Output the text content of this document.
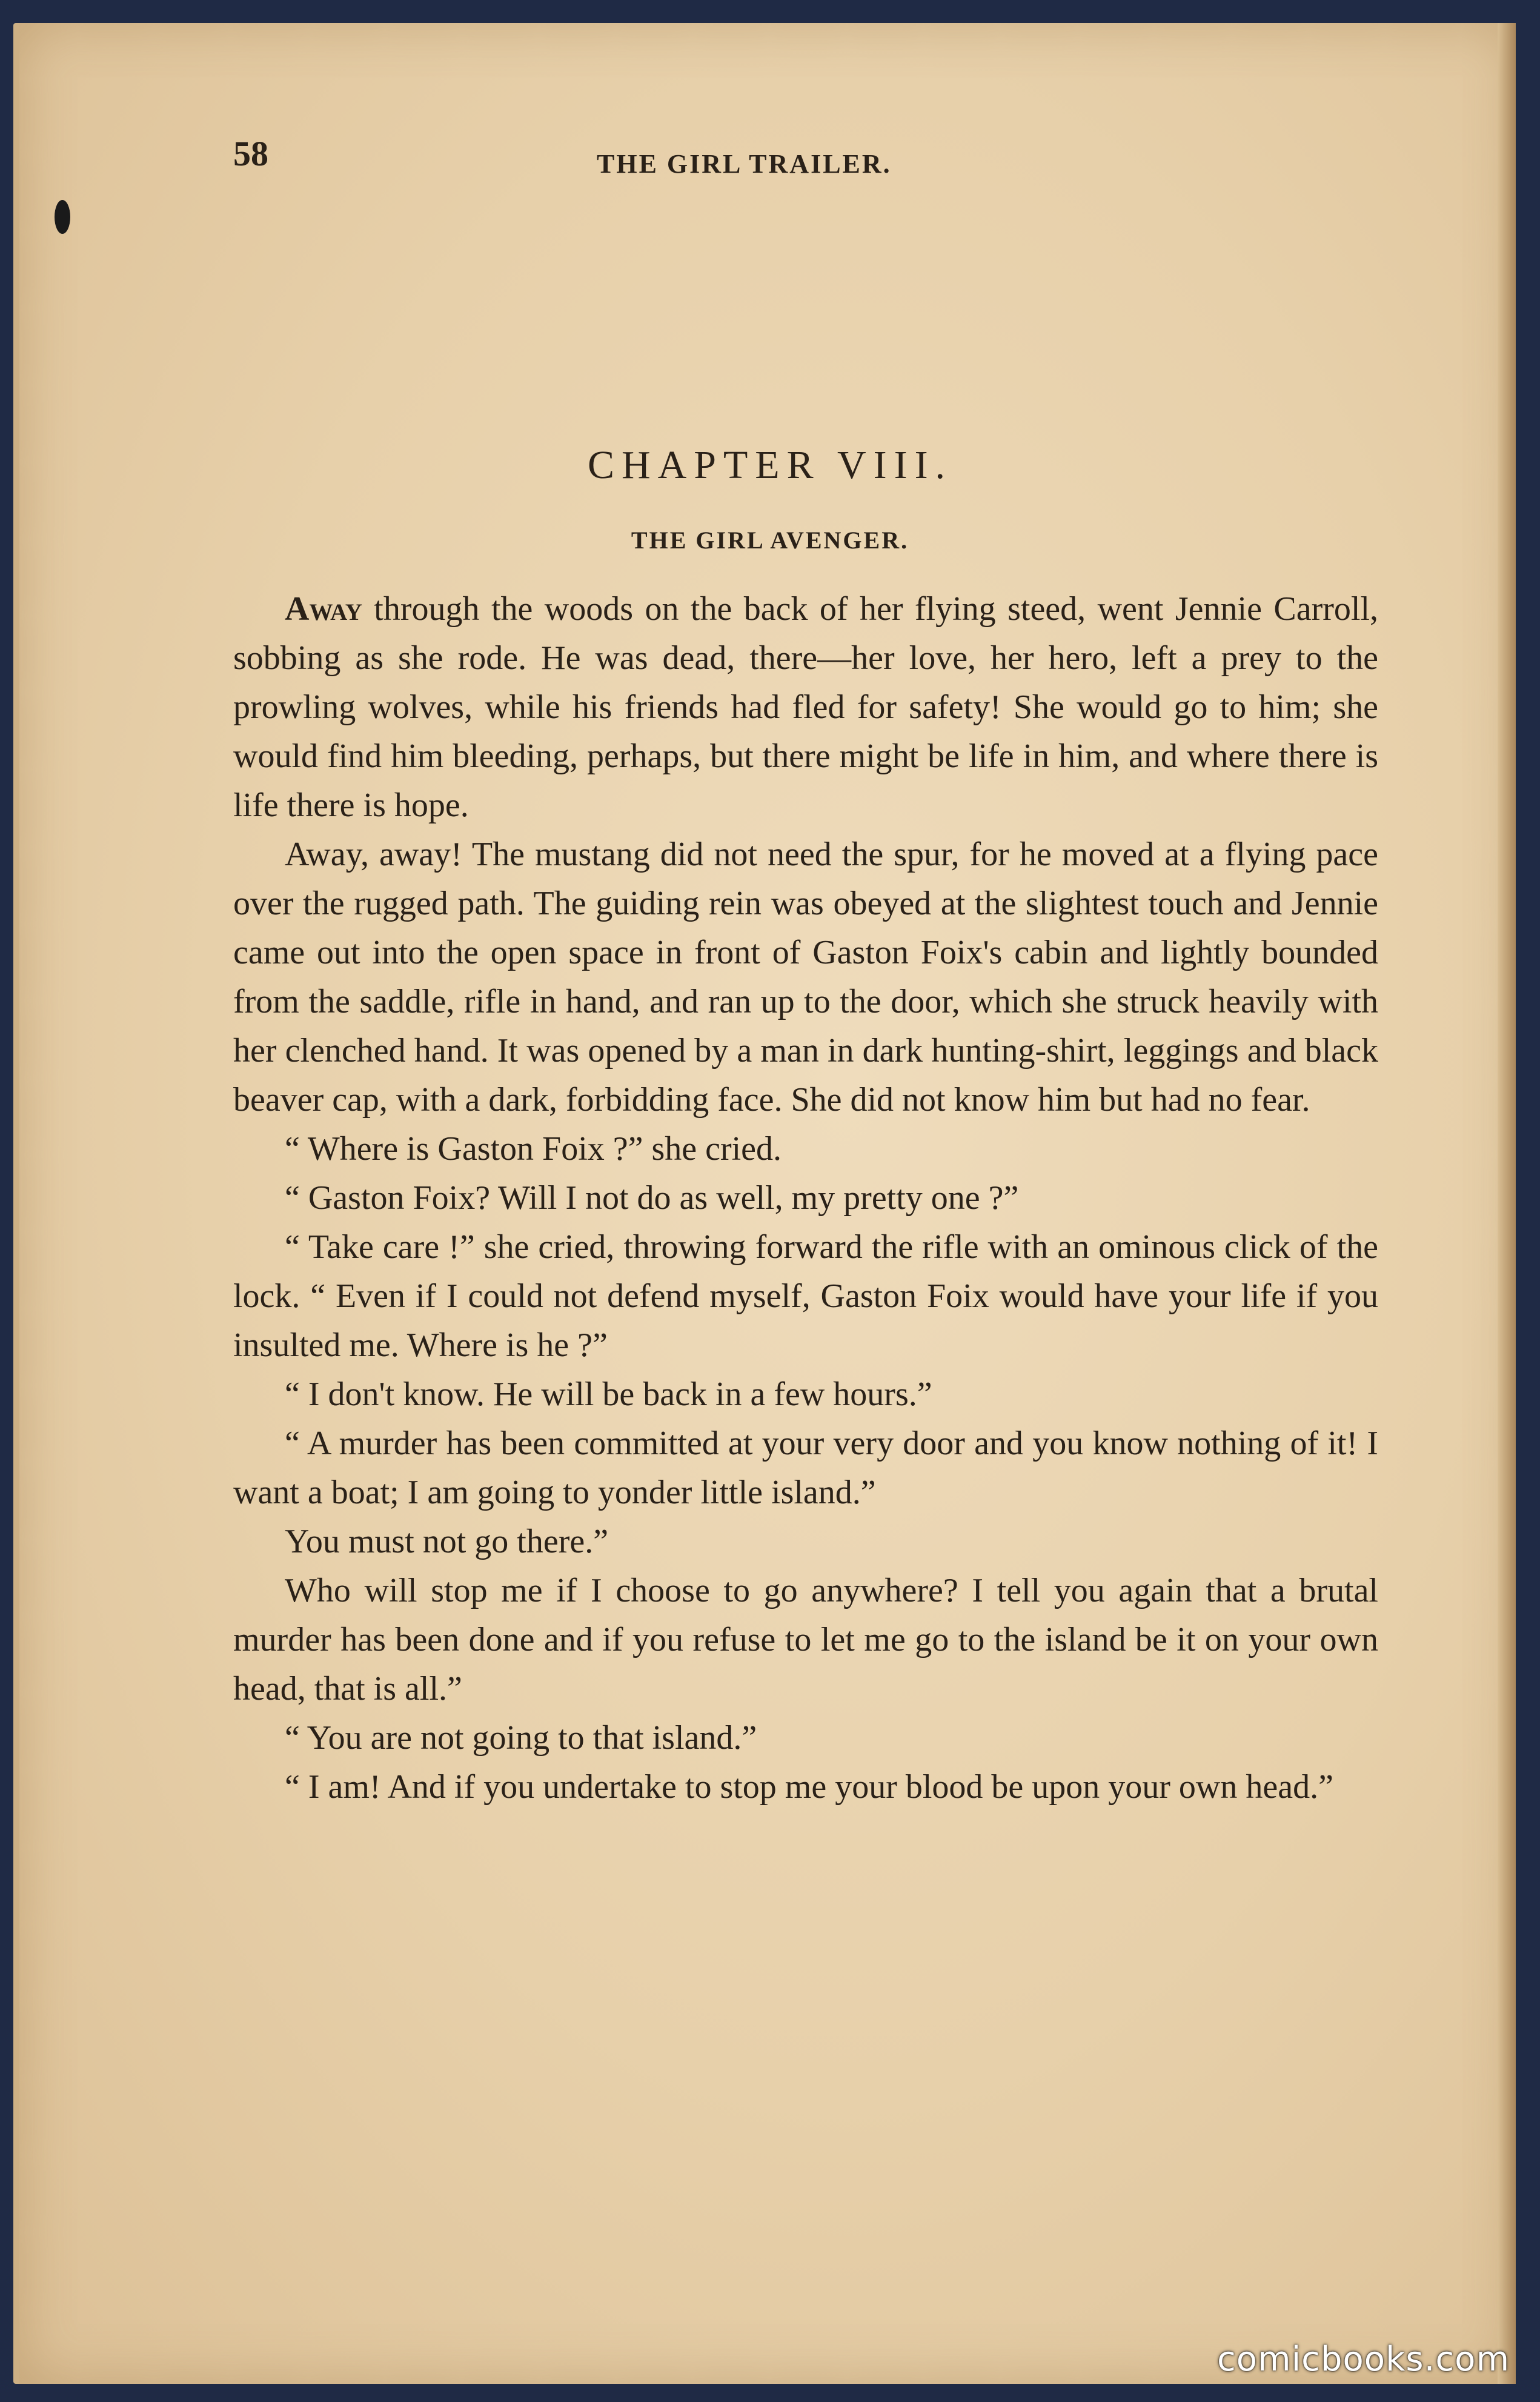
58	THE GIRL TRAILER.
CHAPTER VIII.
THE GIRL AVENGER.

Away through the woods on the back of her flying steed, went Jennie Carroll, sobbing as she rode. He was dead, there—her love, her hero, left a prey to the prowling wolves, while his friends had fled for safety! She would go to him; she would find him bleeding, perhaps, but there might be life in him, and where there is life there is hope.

Away, away! The mustang did not need the spur, for he moved at a flying pace over the rugged path. The guiding rein was obeyed at the slightest touch and Jennie came out into the open space in front of Gaston Foix's cabin and lightly bounded from the saddle, rifle in hand, and ran up to the door, which she struck heavily with her clenched hand. It was opened by a man in dark hunting-shirt, leggings and black beaver cap, with a dark, forbidding face. She did not know him but had no fear.

“ Where is Gaston Foix ?” she cried.

“ Gaston Foix? Will I not do as well, my pretty one ?”

“ Take care !” she cried, throwing forward the rifle with an ominous click of the lock. “ Even if I could not defend myself, Gaston Foix would have your life if you insulted me. Where is he ?”

“ I don't know. He will be back in a few hours.”

“ A murder has been committed at your very door and you know nothing of it! I want a boat; I am going to yonder little island.”

You must not go there.”

Who will stop me if I choose to go anywhere? I tell you again that a brutal murder has been done and if you refuse to let me go to the island be it on your own head, that is all.”

“ You are not going to that island.”

“ I am! And if you undertake to stop me your blood be upon your own head.”

comicbooks.com
